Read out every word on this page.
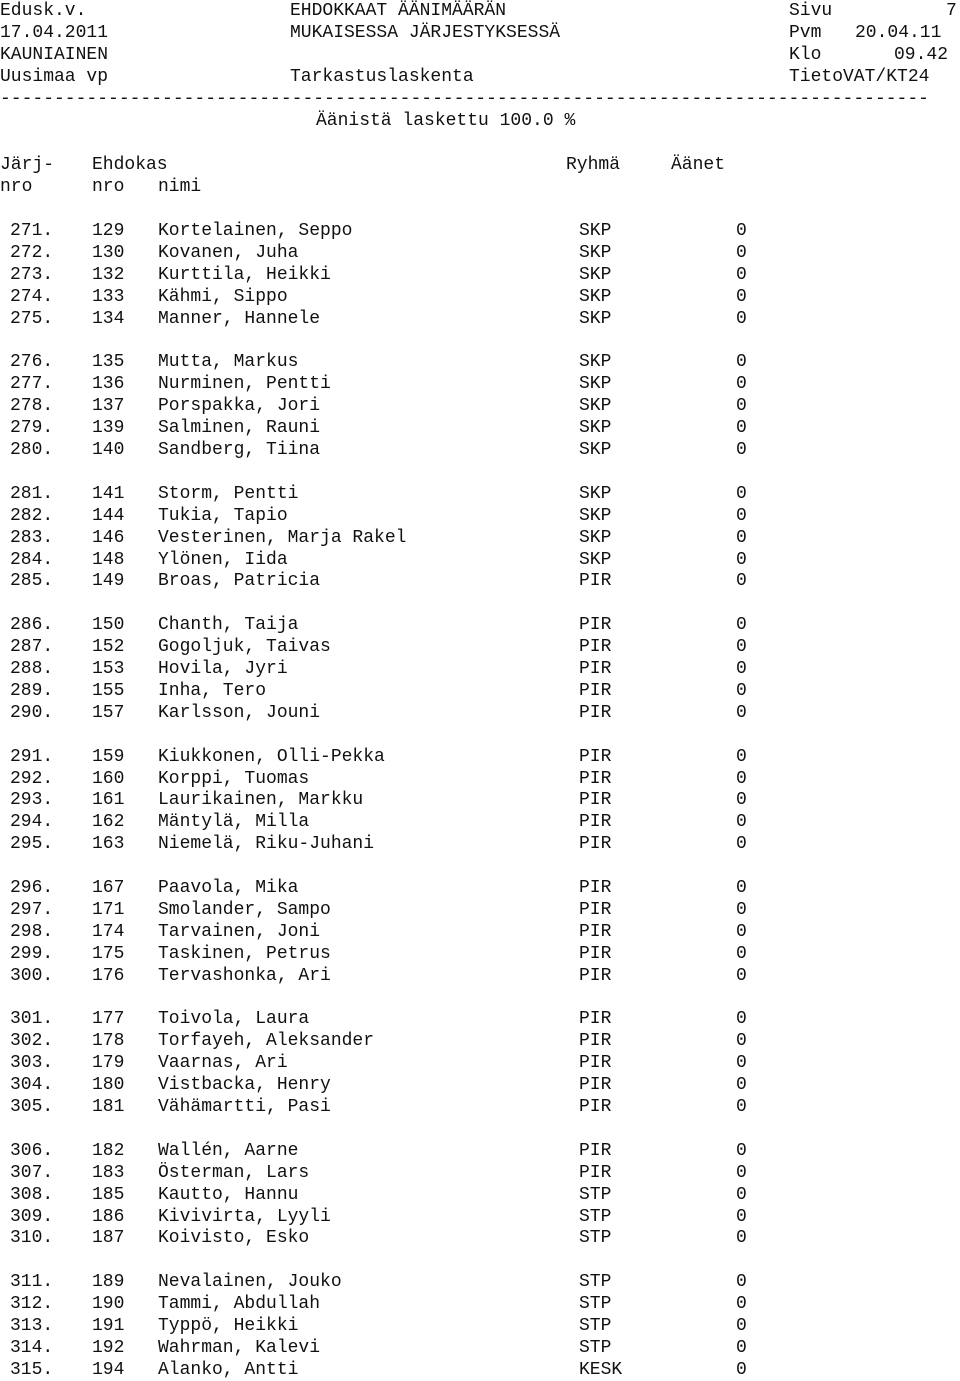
Edusk.v.	EHDOKKAAT ÄÄNIMÄÄRÄN	Sivu	7
17.04.2011	MUKAISESSA JÄRJESTYKSESSÄ	Pvm 20.04.11
KAUNIAINEN	Klo	09.42
Uusimaa vp	Tarkastuslaskenta	TietoVAT/KT24
--------------------------------------------------------------------------------------
Äänistä laskettu 100.0 %
Järj- Ehdokas	Ryhmä	Äänet
nro	nro nimi
271. 129 Kortelainen, Seppo	SKP	0
272. 130 Kovanen, Juha	SKP	0
273. 132 Kurttila, Heikki	SKP	0
274. 133 Kähmi, Sippo	SKP	0
275. 134 Manner, Hannele	SKP	0
276. 135 Mutta, Markus	SKP	0
277. 136 Nurminen, Pentti	SKP	0
278. 137 Porspakka, Jori	SKP	0
279. 139 Salminen, Rauni	SKP	0
280. 140 Sandberg, Tiina	SKP	0
281. 141 Storm, Pentti	SKP	0
282. 144 Tukia, Tapio	SKP	0
283. 146 Vesterinen, Marja Rakel	SKP	0
284. 148 Ylönen, Iida	SKP	0
285. 149 Broas, Patricia	PIR	0
286. 150 Chanth, Taija	PIR	0
287. 152 Gogoljuk, Taivas	PIR	0
288. 153 Hovila, Jyri	PIR	0
289. 155 Inha, Tero	PIR	0
290. 157 Karlsson, Jouni	PIR	0
291. 159 Kiukkonen, Olli-Pekka	PIR	0
292. 160 Korppi, Tuomas	PIR	0
293. 161 Laurikainen, Markku	PIR	0
294. 162 Mäntylä, Milla	PIR	0
295. 163 Niemelä, Riku-Juhani	PIR	0
296. 167 Paavola, Mika	PIR	0
297. 171 Smolander, Sampo	PIR	0
298. 174 Tarvainen, Joni	PIR	0
299. 175 Taskinen, Petrus	PIR	0
300. 176 Tervashonka, Ari	PIR	0
301. 177 Toivola, Laura	PIR	0
302. 178 Torfayeh, Aleksander	PIR	0
303. 179 Vaarnas, Ari	PIR	0
304. 180 Vistbacka, Henry	PIR	0
305. 181 Vähämartti, Pasi	PIR	0
306. 182 Wallén, Aarne	PIR	0
307. 183 Österman, Lars	PIR	0
308. 185 Kautto, Hannu	STP	0
309. 186 Kivivirta, Lyyli	STP	0
310. 187 Koivisto, Esko	STP	0
311. 189 Nevalainen, Jouko	STP	0
312. 190 Tammi, Abdullah	STP	0
313. 191 Typpö, Heikki	STP	0
314. 192 Wahrman, Kalevi	STP	0
315. 194 Alanko, Antti	KESK	0
